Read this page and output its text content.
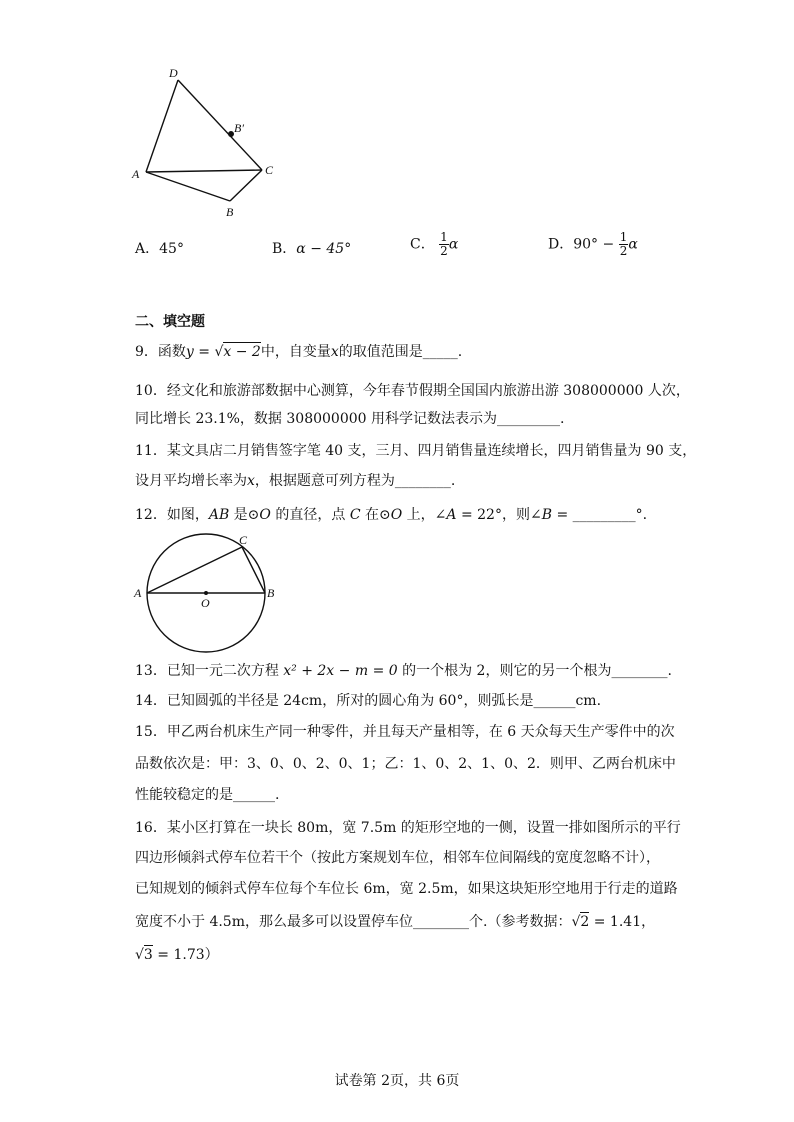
D
B′
A	C
B
A．45°	B．α − 45°	C． $\frac{1}{2}$ α	D．$90^\circ - \frac{1}{2}$ α
二、填空题
9．函数y = √x − 2中，自变量x的取值范围是_____.
10．经文化和旅游部数据中心测算，今年春节假期全国国内旅游出游 308000000 人次，
同比增长 23.1%，数据 308000000 用科学记数法表示为_________.
11．某文具店二月销售签字笔 40 支，三月、四月销售量连续增长，四月销售量为 90 支，
设月平均增长率为x，根据题意可列方程为________.
12．如图，AB 是⊙O 的直径，点 C 在⊙O 上，∠A = 22°，则∠B = _________°.
A	B
C
O
13．已知一元二次方程 x² + 2x − m = 0 的一个根为 2，则它的另一个根为________.
14．已知圆弧的半径是 24cm，所对的圆心角为 60°，则弧长是______cm.
15．甲乙两台机床生产同一种零件，并且每天产量相等，在 6 天众每天生产零件中的次
品数依次是：甲：3、0、0、2、0、1；乙：1、0、2、1、0、2．则甲、乙两台机床中
性能较稳定的是______.
16．某小区打算在一块长 80m，宽 7.5m 的矩形空地的一侧，设置一排如图所示的平行
四边形倾斜式停车位若干个（按此方案规划车位，相邻车位间隔线的宽度忽略不计），
已知规划的倾斜式停车位每个车位长 6m，宽 2.5m，如果这块矩形空地用于行走的道路
宽度不小于 4.5m，那么最多可以设置停车位________个.（参考数据：√2 = 1.41，
√3 = 1.73）
试卷第 2页，共 6页
